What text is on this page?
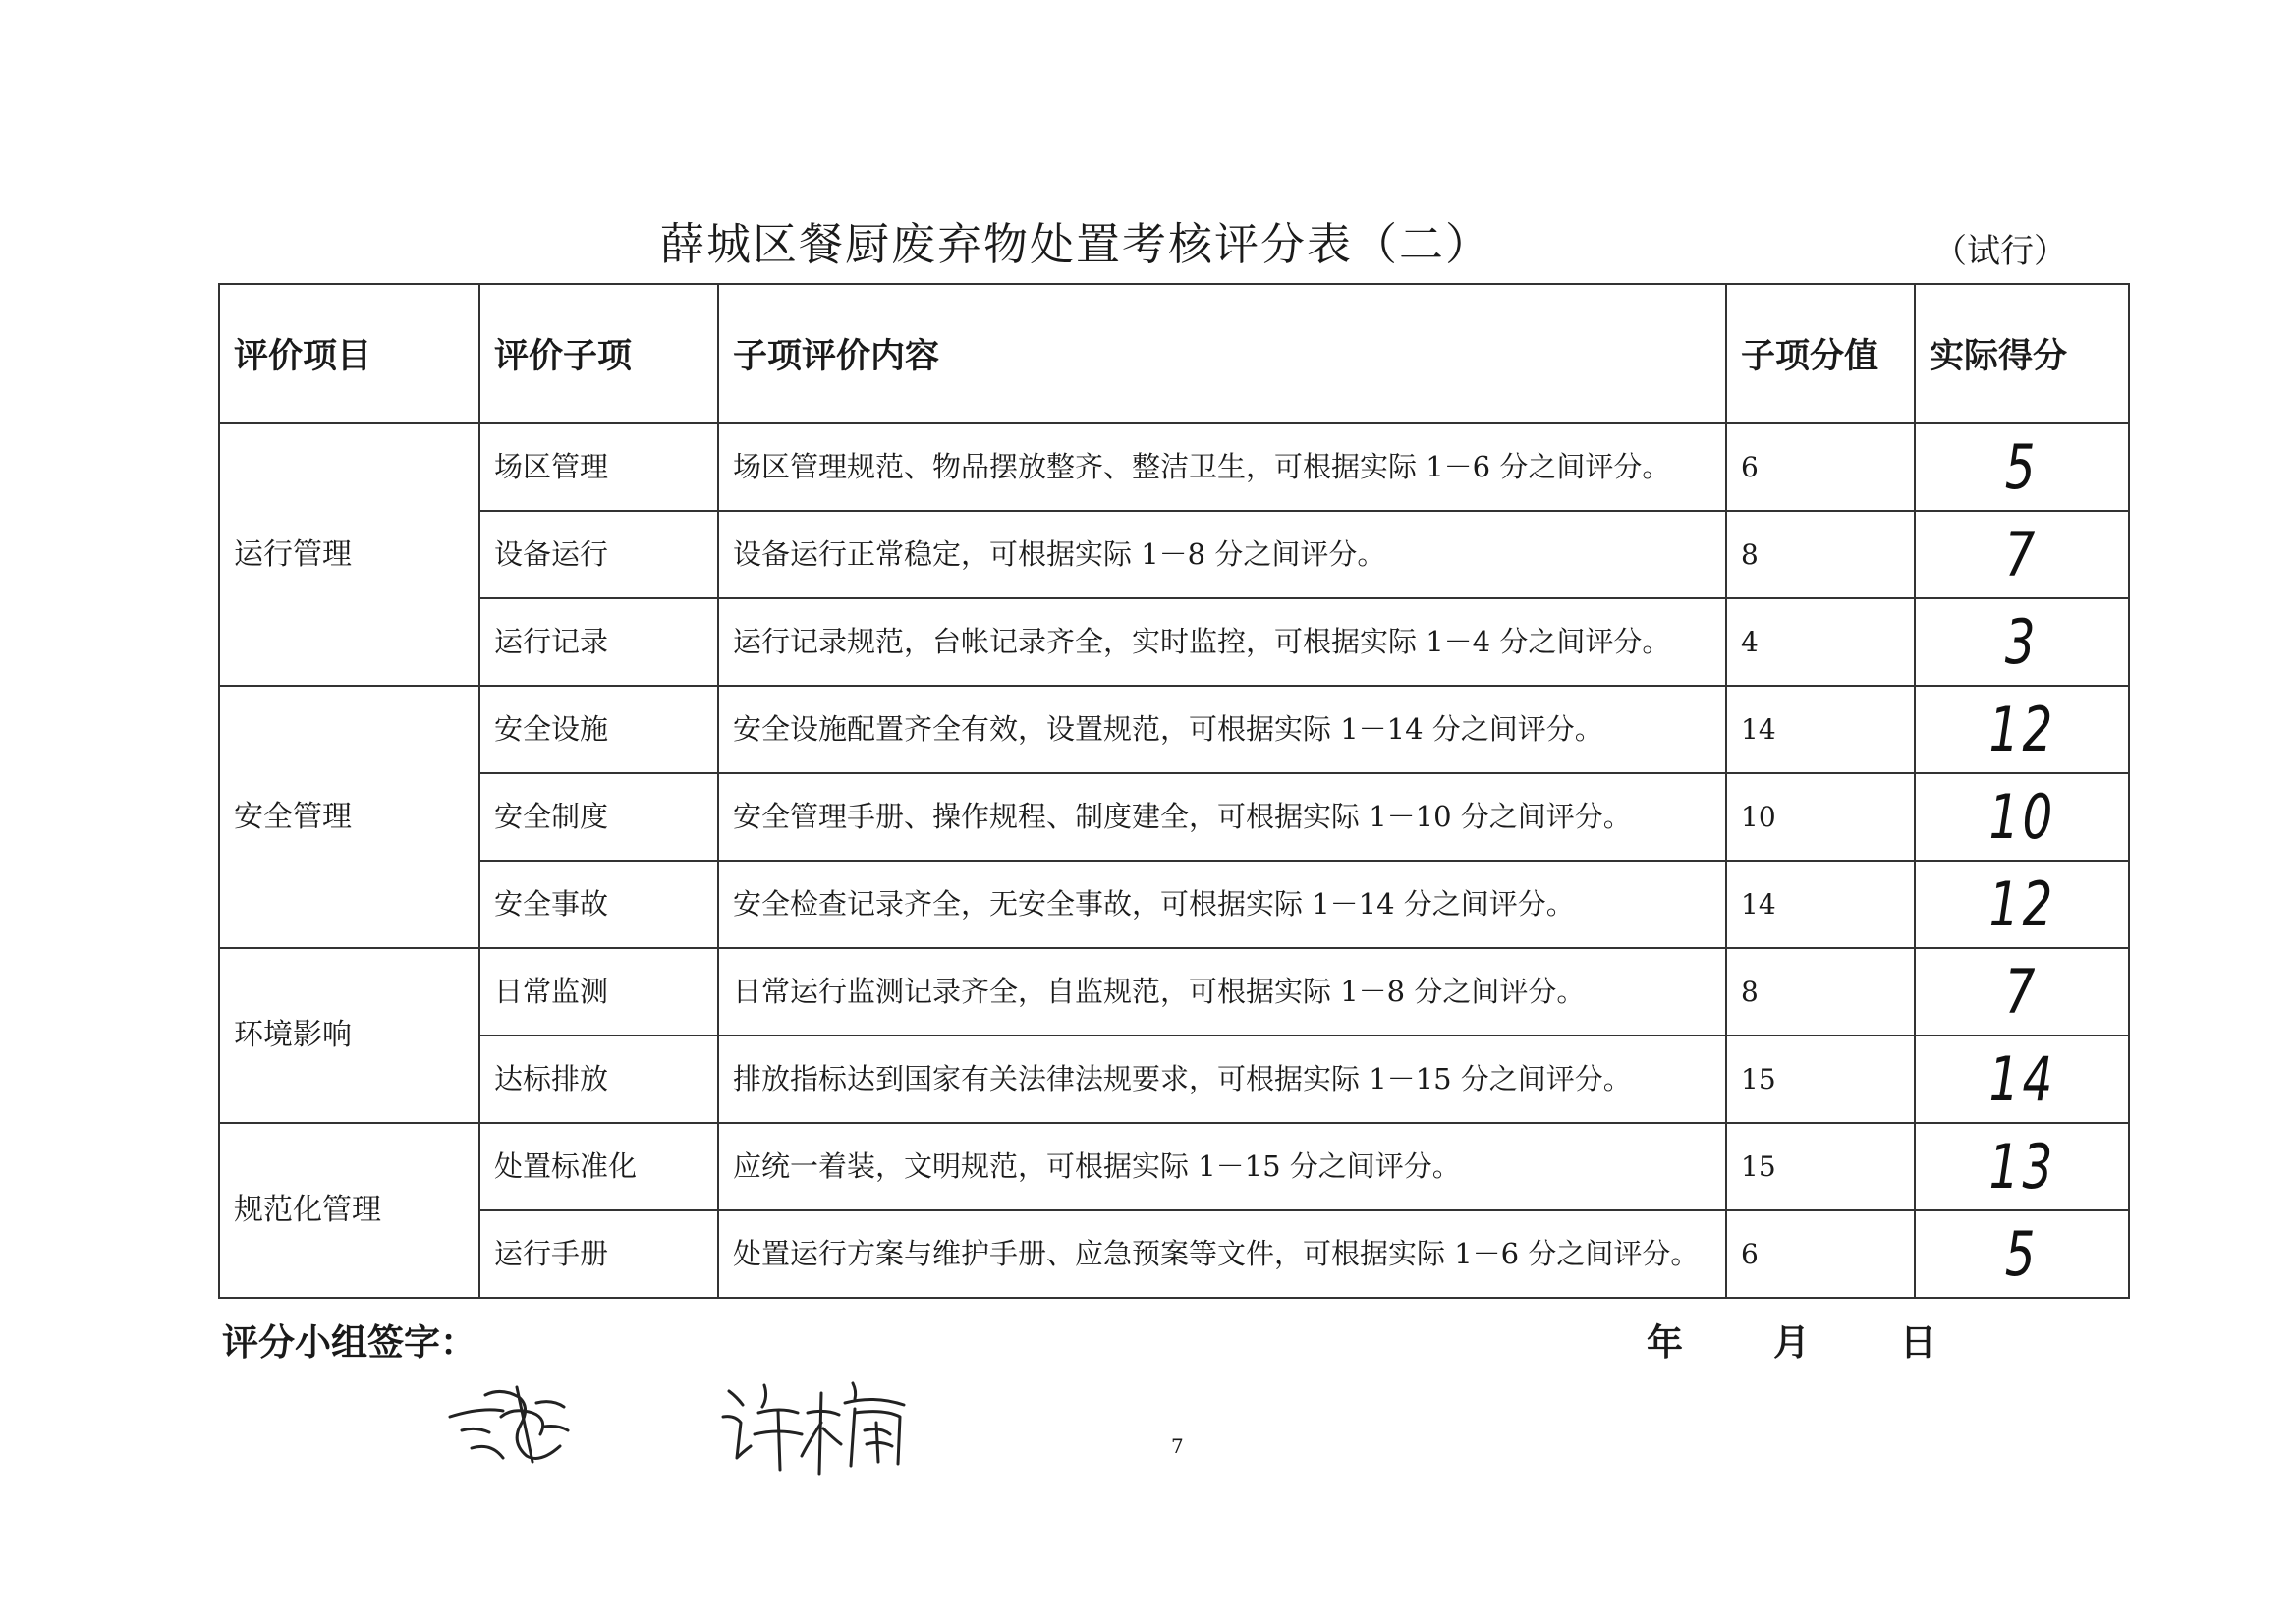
薛城区餐厨废弃物处置考核评分表（二）	（试行）
评价项目	评价子项	子项评价内容	子项分值	实际得分
运行管理	场区管理	场区管理规范、物品摆放整齐、整洁卫生，可根据实际 1－6 分之间评分。	6	5
	设备运行	设备运行正常稳定，可根据实际 1－8 分之间评分。	8	7
	运行记录	运行记录规范，台帐记录齐全，实时监控，可根据实际 1－4 分之间评分。	4	3
安全管理	安全设施	安全设施配置齐全有效，设置规范，可根据实际 1－14 分之间评分。	14	12
	安全制度	安全管理手册、操作规程、制度建全，可根据实际 1－10 分之间评分。	10	10
	安全事故	安全检查记录齐全，无安全事故，可根据实际 1－14 分之间评分。	14	12
环境影响	日常监测	日常运行监测记录齐全，自监规范，可根据实际 1－8 分之间评分。	8	7
	达标排放	排放指标达到国家有关法律法规要求，可根据实际 1－15 分之间评分。	15	14
规范化管理	处置标准化	应统一着装，文明规范，可根据实际 1－15 分之间评分。	15	13
	运行手册	处置运行方案与维护手册、应急预案等文件，可根据实际 1－6 分之间评分。	6	5
评分小组签字：	年 月 日
7
